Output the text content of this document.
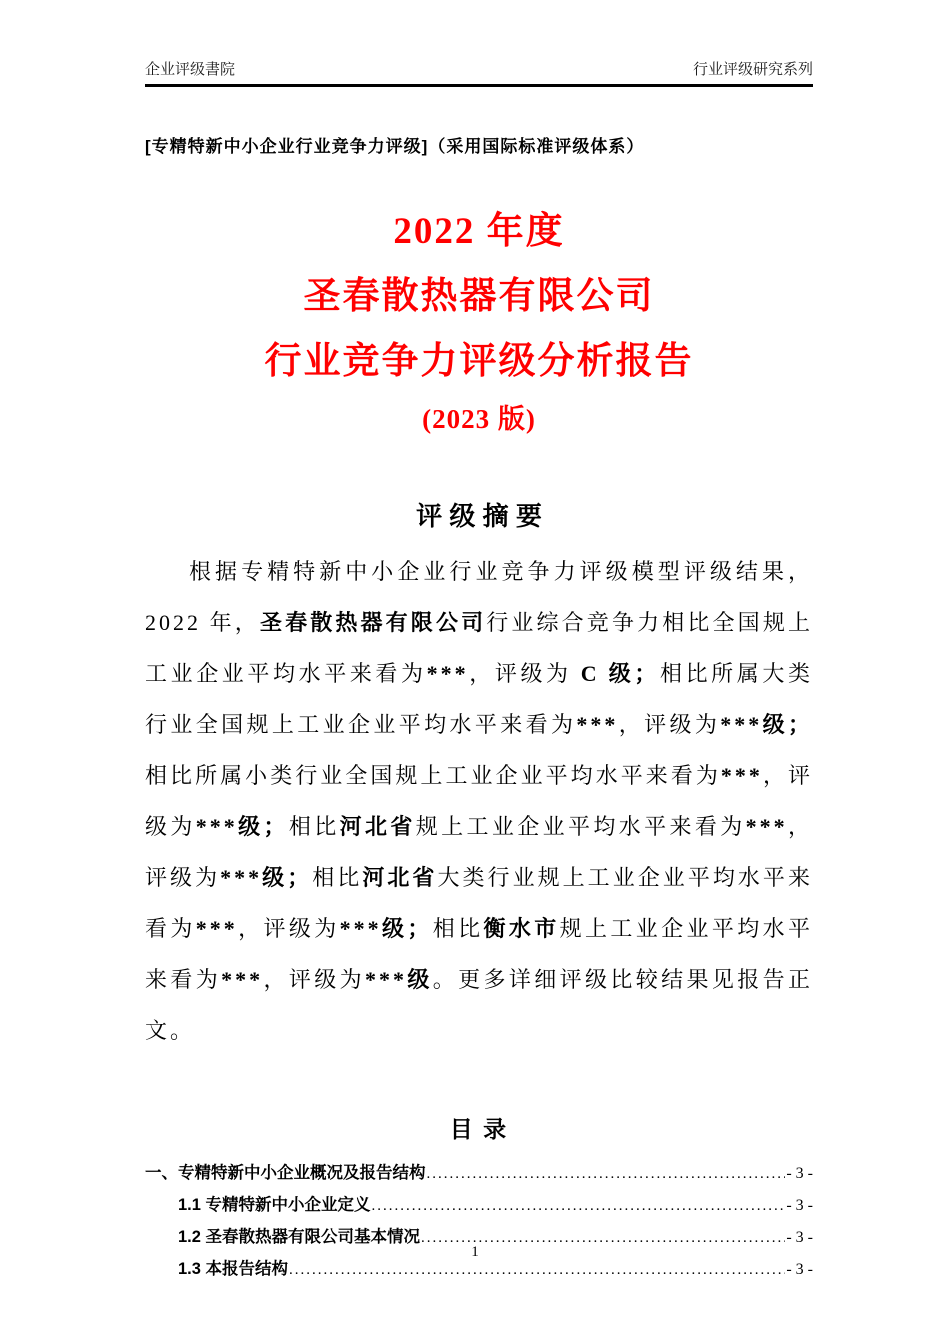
企业评级書院	行业评级研究系列
[专精特新中小企业行业竞争力评级]（采用国际标准评级体系）
2022 年度
圣春散热器有限公司
行业竞争力评级分析报告
(2023 版)
评 级 摘 要

根据专精特新中小企业行业竞争力评级模型评级结果，2022 年，圣春散热器有限公司行业综合竞争力相比全国规上工业企业平均水平来看为***，评级为 C 级；相比所属大类行业全国规上工业企业平均水平来看为***，评级为***级；相比所属小类行业全国规上工业企业平均水平来看为***，评级为***级；相比河北省规上工业企业平均水平来看为***，评级为***级；相比河北省大类行业规上工业企业平均水平来看为***，评级为***级；相比衡水市规上工业企业平均水平来看为***，评级为***级。更多详细评级比较结果见报告正文。

目 录
一、专精特新中小企业概况及报告结构 .....	- 3 -
1.1 专精特新中小企业定义 .....	- 3 -
1.2 圣春散热器有限公司基本情况 .....	- 3 -
1.3 本报告结构 .....	- 3 -
1
